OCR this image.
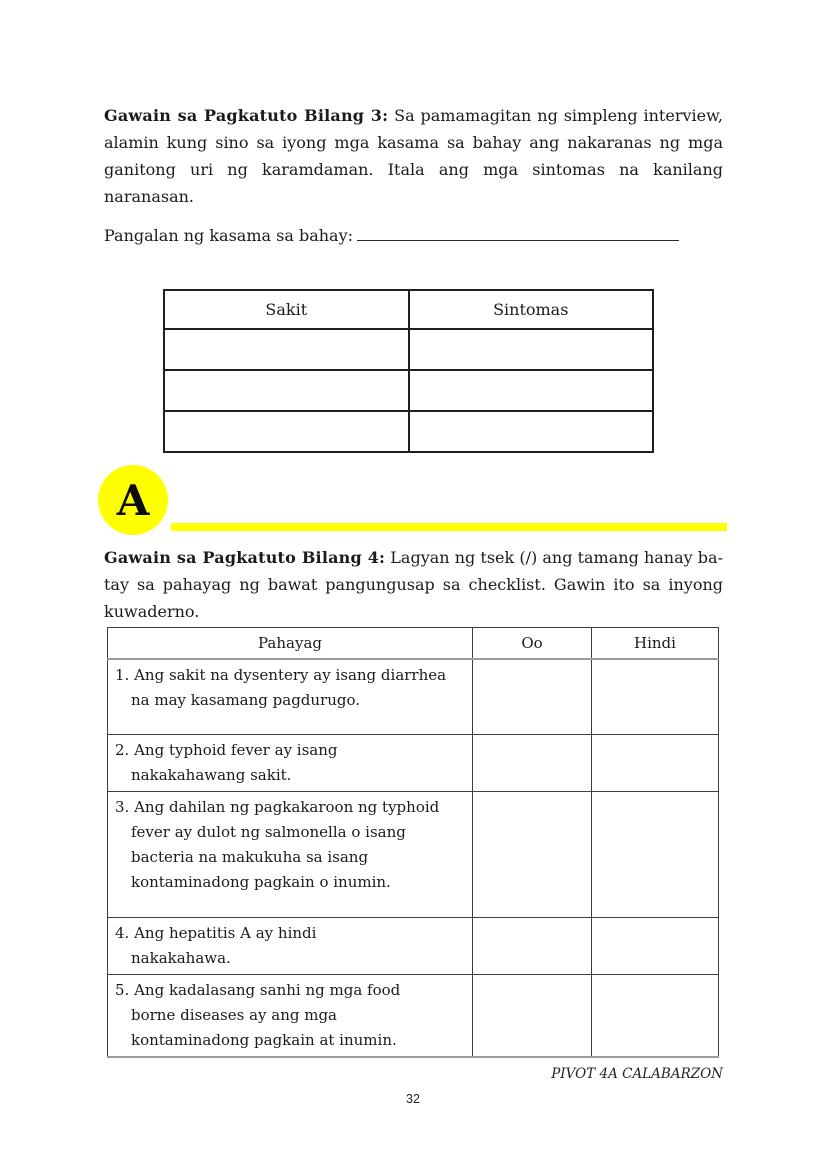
Gawain sa Pagkatuto Bilang 3: Sa pamamagitan ng simpleng interview, alamin kung sino sa iyong mga kasama sa bahay ang nakaranas ng mga ganitong uri ng karamdaman. Itala ang mga sintomas na kanilang naranasan.

Pangalan ng kasama sa bahay:
Sakit	Sintomas

A

Gawain sa Pagkatuto Bilang 4: Lagyan ng tsek (/) ang tamang hanay ba-tay sa pahayag ng bawat pangungusap sa checklist. Gawin ito sa inyong kuwaderno.

Pahayag	Oo	Hindi

1. Ang sakit na dysentery ay isang diarrhea
na may kasamang pagdurugo.		

2. Ang typhoid fever ay isang
nakakahawang sakit.		

3. Ang dahilan ng pagkakaroon ng typhoid
fever ay dulot ng salmonella o isang
bacteria na makukuha sa isang
kontaminadong pagkain o inumin.		

4. Ang hepatitis A ay hindi
nakakahawa.		

5. Ang kadalasang sanhi ng mga food
borne diseases ay ang mga
kontaminadong pagkain at inumin.		

PIVOT 4A CALABARZON
32
